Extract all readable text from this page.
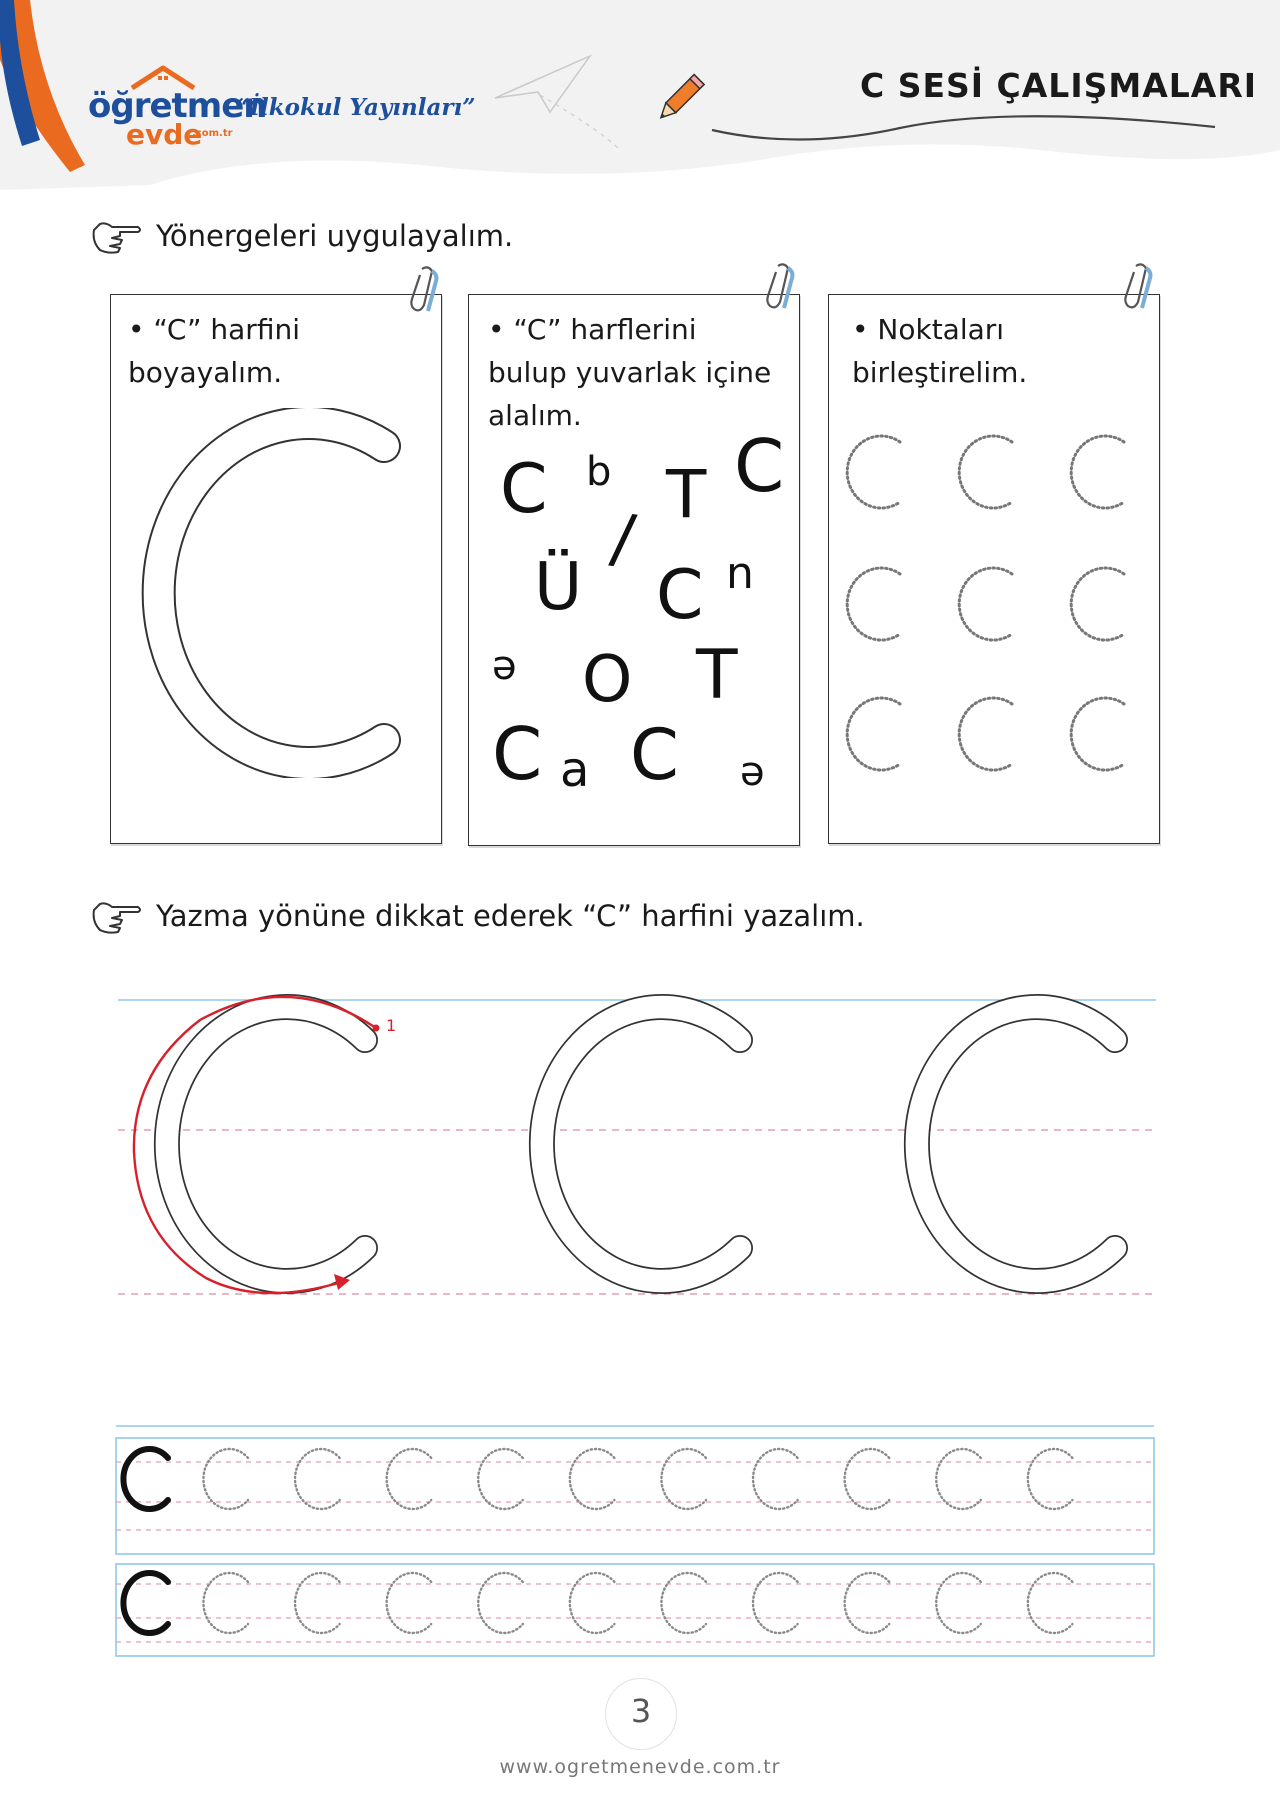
öğretmen
evde
.com.tr
“İlkokul Yayınları”
C SESİ ÇALIŞMALARI
Yönergeleri uygulayalım.
• “C” harfini
boyayalım.
• “C” harflerini
bulup yuvarlak içine
alalım.
C b T C
/
Ü C n
ə O T
C a C ə
• Noktaları
birleştirelim.
Yazma yönüne dikkat ederek “C” harfini yazalım.
1
3
www.ogretmenevde.com.tr
